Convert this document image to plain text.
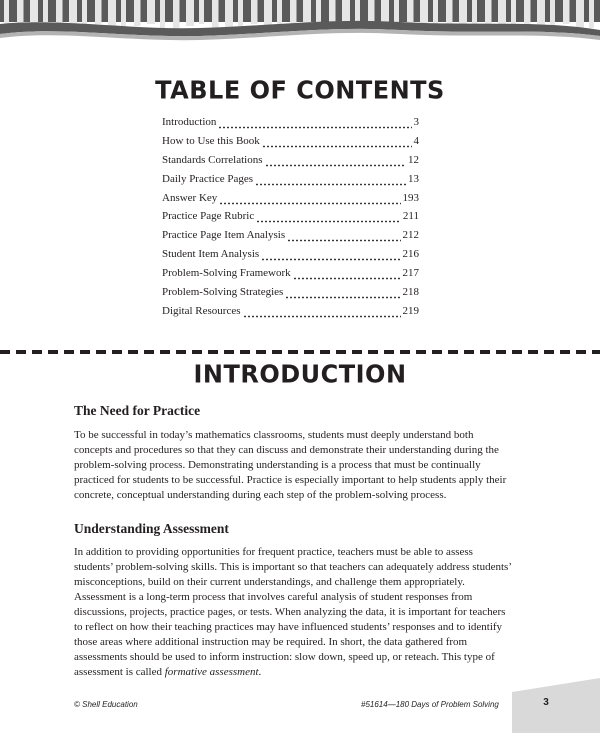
TABLE OF CONTENTS
Introduction	3
How to Use this Book	4
Standards Correlations	12
Daily Practice Pages	13
Answer Key	193
Practice Page Rubric	211
Practice Page Item Analysis	212
Student Item Analysis	216
Problem-Solving Framework	217
Problem-Solving Strategies	218
Digital Resources	219
INTRODUCTION
The Need for Practice

To be successful in today’s mathematics classrooms, students must deeply understand both concepts and procedures so that they can discuss and demonstrate their understanding during the problem-solving process. Demonstrating understanding is a process that must be continually practiced for students to be successful. Practice is especially important to help students apply their concrete, conceptual understanding during each step of the problem-solving process.

Understanding Assessment

In addition to providing opportunities for frequent practice, teachers must be able to assess students’ problem-solving skills. This is important so that teachers can adequately address students’ misconceptions, build on their current understandings, and challenge them appropriately. Assessment is a long-term process that involves careful analysis of student responses from discussions, projects, practice pages, or tests. When analyzing the data, it is important for teachers to reflect on how their teaching practices may have influenced students’ responses and to identify those areas where additional instruction may be required. In short, the data gathered from assessments should be used to inform instruction: slow down, speed up, or reteach. This type of assessment is called formative assessment.

© Shell Education	#51614—180 Days of Problem Solving	3
